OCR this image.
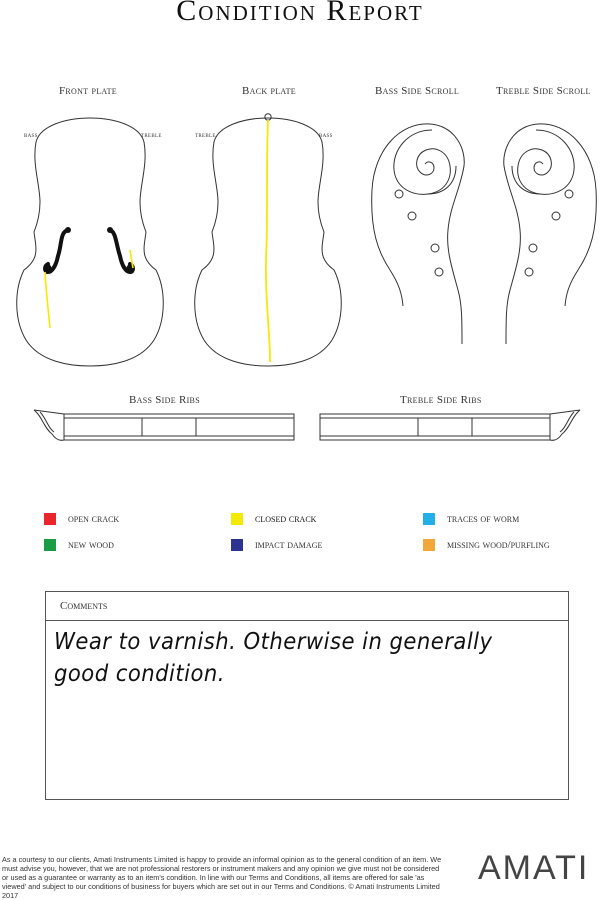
Condition Report
Front plate	Back plate	Bass Side Scroll	Treble Side Scroll
Bass Side Ribs	Treble Side Ribs
bass	treble	treble	bass
open crack	closed crack	traces of worm
new wood	impact damage	missing wood/purfling
Comments
Wear to varnish. Otherwise in generally good condition.
As a courtesy to our clients, Amati Instruments Limited is happy to provide an informal opinion as to the general condition of an item. We must advise you, however, that we are not professional restorers or instrument makers and any opinion we give must not be considered or used as a guarantee or warranty as to an item's condition. In line with our Terms and Conditions, all items are offered for sale 'as viewed' and subject to our conditions of business for buyers which are set out in our Terms and Conditions. © Amati Instruments Limited 2017
AMATI
